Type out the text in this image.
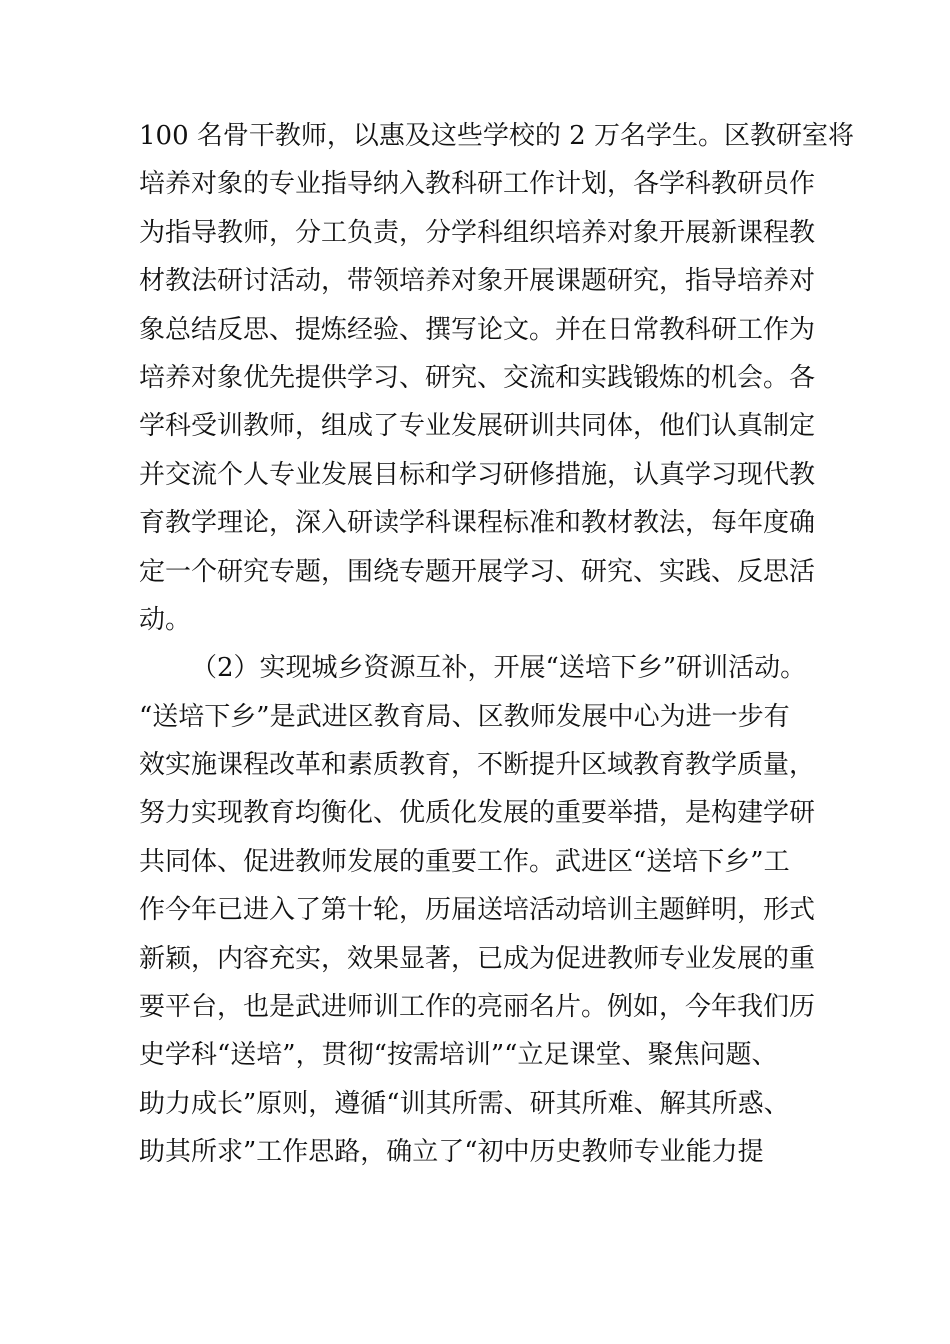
100 名骨干教师，以惠及这些学校的 2 万名学生。区教研室将
培养对象的专业指导纳入教科研工作计划，各学科教研员作
为指导教师，分工负责，分学科组织培养对象开展新课程教
材教法研讨活动，带领培养对象开展课题研究，指导培养对
象总结反思、提炼经验、撰写论文。并在日常教科研工作为
培养对象优先提供学习、研究、交流和实践锻炼的机会。各
学科受训教师，组成了专业发展研训共同体，他们认真制定
并交流个人专业发展目标和学习研修措施，认真学习现代教
育教学理论，深入研读学科课程标准和教材教法，每年度确
定一个研究专题，围绕专题开展学习、研究、实践、反思活
动。
（2）实现城乡资源互补，开展“送培下乡”研训活动。
“送培下乡”是武进区教育局、区教师发展中心为进一步有
效实施课程改革和素质教育，不断提升区域教育教学质量，
努力实现教育均衡化、优质化发展的重要举措，是构建学研
共同体、促进教师发展的重要工作。武进区“送培下乡”工
作今年已进入了第十轮，历届送培活动培训主题鲜明，形式
新颖，内容充实，效果显著，已成为促进教师专业发展的重
要平台，也是武进师训工作的亮丽名片。例如，今年我们历
史学科“送培”，贯彻“按需培训”“立足课堂、聚焦问题、
助力成长”原则，遵循“训其所需、研其所难、解其所惑、
助其所求”工作思路，确立了“初中历史教师专业能力提
